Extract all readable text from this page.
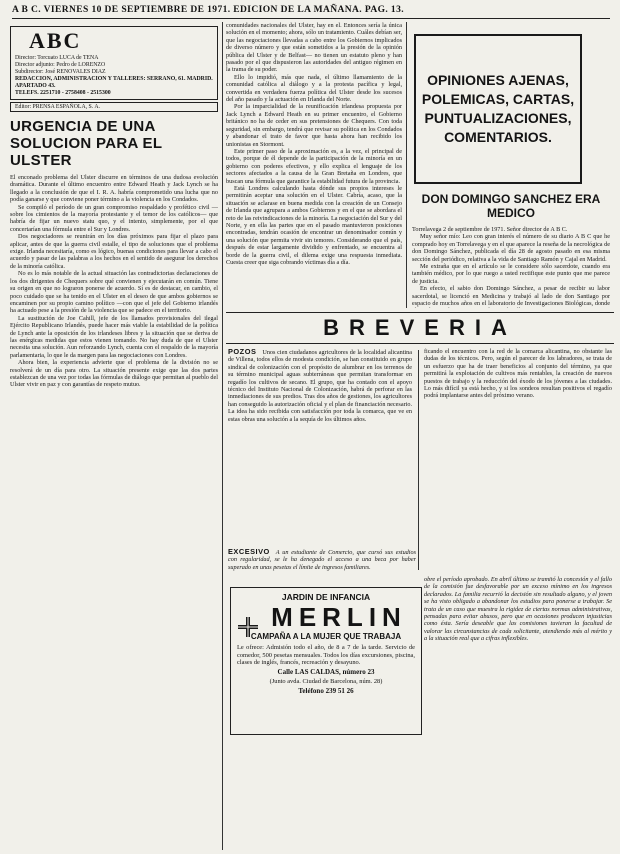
A B C. VIERNES 10 DE SEPTIEMBRE DE 1971. EDICION DE LA MAÑANA. PAG. 13.
ABC
Director: Torcuato LUCA de TENA
Director adjunto: Pedro de LORENZO
Subdirector: José RENOVALES DIAZ
REDACCION, ADMINISTRACION Y TALLERES: SERRANO, 61. MADRID.
APARTADO 43.
TELEFS. 2251710 - 2758408 - 2515300
Editor: PRENSA ESPAÑOLA, S. A.
URGENCIA DE UNA SOLUCION PARA EL ULSTER

El enconado problema del Ulster discurre en términos de una dudosa evolución dramática. Durante el último encuentro entre Edward Heath y Jack Lynch se ha llegado a la conclusión de que el I. R. A. habría comprometido una lucha que no podía ganarse y que conviene poner término a la violencia en los Condados.

Se compiló el período de un gran compromiso respaldado y profético civil —sobre los cimientos de la mayoría protestante y el temor de los católicos— que habría de fijar un nuevo statu quo, y el intento, simplemente, por el que concertarían una fórmula entre el Sur y Londres.

Dos negociadores se reunirán en los días próximos para fijar el plazo para aplicar, antes de que la guerra civil estalle, el tipo de soluciones que el problema exige. Irlanda necesitaría, como es lógico, buenas condiciones para llevar a cabo el acuerdo y pasar de las palabras a los hechos en el sentido de asegurar los derechos de la minoría católica.

No es lo más notable de la actual situación las contradictorias declaraciones de los dos dirigentes de Chequers sobre qué convienen y ejecutarán en común. Tiene su origen en que no lograron ponerse de acuerdo. Sí es de destacar, en cambio, el poco cuidado que se ha tenido en el Ulster en el deseo de que ambos gobiernos se encaminen por su propio camino político —con que el jefe del Gobierno irlandés ha actuado pese a la presión de la violencia que se padece en el territorio.

La sustitución de Joe Cahill, jefe de los llamados provisionales del ilegal Ejército Republicano Irlandés, puede hacer más viable la estabilidad de la política de Lynch ante la oposición de los irlandeses libres y la situación que se deriva de las enérgicas medidas que estos vienen tomando. No hay duda de que el Ulster necesita una solución. Aun reforzando Lynch, cuenta con el respaldo de la mayoría parlamentaria, lo que le da margen para las negociaciones con Londres.

Ahora bien, la experiencia advierte que el problema de la división no se resolverá de un día para otro. La situación presente exige que las dos partes establezcan de una vez por todas las fórmulas de diálogo que permitan al pueblo del Ulster vivir en paz y con garantías de respeto mutuo.

comunidades nacionales del Ulster, hay en el. Entonces sería la única solución en el momento; ahora, sólo un tratamiento. Cuáles debían ser, que las negociaciones llevadas a cabo entre los Gobiernos implicados de diverso número y que están sometidos a la presión de la opinión pública del Ulster y de Belfast— no tienen un estatuto pleno y han pasado por el que dispusieron las autoridades del antiguo régimen en la trama de su poder.

Ello lo impidió, más que nada, el último llamamiento de la comunidad católica al diálogo y a la protesta pacífica y legal, convertida en verdadera fuerza política del Ulster desde los sucesos del año pasado y la actuación en Irlanda del Norte.

Por la imparcialidad de la reunificación irlandesa propuesta por Jack Lynch a Edward Heath en su primer encuentro, el Gobierno británico no ha de ceder en sus pretensiones de Chequers. Con toda seguridad, sin embargo, tendrá que revisar su política en los Condados y abandonar el trato de favor que hasta ahora han recibido los unionistas en Stormont.

Este primer paso de la aproximación es, a la vez, el principal de todos, porque de él depende de la participación de la minoría en un gobierno con poderes efectivos, y ello explica el lenguaje de los sectores afectados a la causa de la Gran Bretaña en Londres, que buscan una fórmula que garantice la estabilidad futura de la provincia.

Está Londres calculando hasta dónde sus propios intereses le permitirán aceptar una solución en el Ulster. Cabría, acaso, que la situación se aclarase en buena medida con la creación de un Consejo de Irlanda que agrupara a ambos Gobiernos y en el que se abordara el reto de las reivindicaciones de la minoría. La negociación del Sur y del Norte, y en ella las partes que en el pasado mantuvieron posiciones encontradas, tendrán ocasión de encontrar un denominador común y una solución que permita vivir sin temores. Considerando que el país, después de estar largamente dividido y enfrentado, se encuentra al borde de la guerra civil, el dilema exige una respuesta inmediata. Cuesta creer que siga cobrando víctimas día a día.

OPINIONES AJENAS,
POLEMICAS, CARTAS,
PUNTUALIZACIONES,
COMENTARIOS.
DON DOMINGO SANCHEZ ERA MEDICO

Torrelavega 2 de septiembre de 1971. Señor director de A B C.

Muy señor mío: Leo con gran interés el número de su diario A B C que he comprado hoy en Torrelavega y en el que aparece la reseña de la necrológica de don Domingo Sánchez, publicada el día 28 de agosto pasado en esa misma sección del periódico, relativa a la vida de Santiago Ramón y Cajal en Madrid.

Me extraña que en el artículo se le considere sólo sacerdote, cuando era también médico, por lo que ruego a usted rectifique este punto que me parece de justicia.

En efecto, el sabio don Domingo Sánchez, a pesar de recibir su labor sacerdotal, se licenció en Medicina y trabajó al lado de don Santiago por espacio de muchos años en el laboratorio de Investigaciones Biológicas, donde

BREVERIA

POZOS Unos cien ciudadanos agricultores de la localidad alicantina de Villena, todos ellos de modesta condición, se han constituido en grupo sindical de colonización con el propósito de alumbrar en los terrenos de su término municipal aguas subterráneas que permitan transformar en regadío los cultivos de secano. El grupo, que ha contado con el apoyo técnico del Instituto Nacional de Colonización, habrá de perforar en las inmediaciones de sus predios. Tras dos años de gestiones, los agricultores han conseguido la autorización oficial y el plan de financiación necesario. La idea ha sido recibida con satisfacción por toda la comarca, que ve en estas obras una solución a la sequía de los últimos años.

ficando el encuentro con la red de la comarca alicantina, no obstante las dudas de los técnicos. Pero, según el parecer de los labradores, se trata de un esfuerzo que ha de traer beneficios al conjunto del término, ya que permitirá la explotación de cultivos más rentables, la creación de nuevos puestos de trabajo y la reducción del éxodo de los jóvenes a las ciudades. Lo más difícil ya está hecho, y si los sondeos resultan positivos el regadío podrá implantarse antes del próximo verano.

EXCESIVO A un estudiante de Comercio, que cursó sus estudios con regularidad, se le ha denegado el acceso a una beca por haber superado en unas pesetas el límite de ingresos familiares.

obre el período aprobado. En abril último se tramitó la concesión y el fallo de la comisión fue desfavorable por un exceso mínimo en los ingresos declarados. La familia recurrió la decisión sin resultado alguno, y el joven se ha visto obligado a abandonar los estudios para ponerse a trabajar. Se trata de un caso que muestra la rigidez de ciertas normas administrativas, pensadas para evitar abusos, pero que en ocasiones producen injusticias como ésta. Sería deseable que las comisiones tuvieran la facultad de valorar las circunstancias de cada solicitante, atendiendo más al mérito y a la situación real que a cifras inflexibles.

JARDIN DE INFANCIA
MERLIN
CAMPAÑA A LA MUJER QUE TRABAJA
Le ofrece: Admisión todo el año, de 8 a 7 de la tarde. Servicio de comedor, 500 pesetas mensuales. Todos los días excursiones, piscina, clases de inglés, francés, recreación y desayuno.
Calle LAS CALDAS, número 23
(Junto avda. Ciudad de Barcelona, núm. 28)
Teléfono 239 51 26
